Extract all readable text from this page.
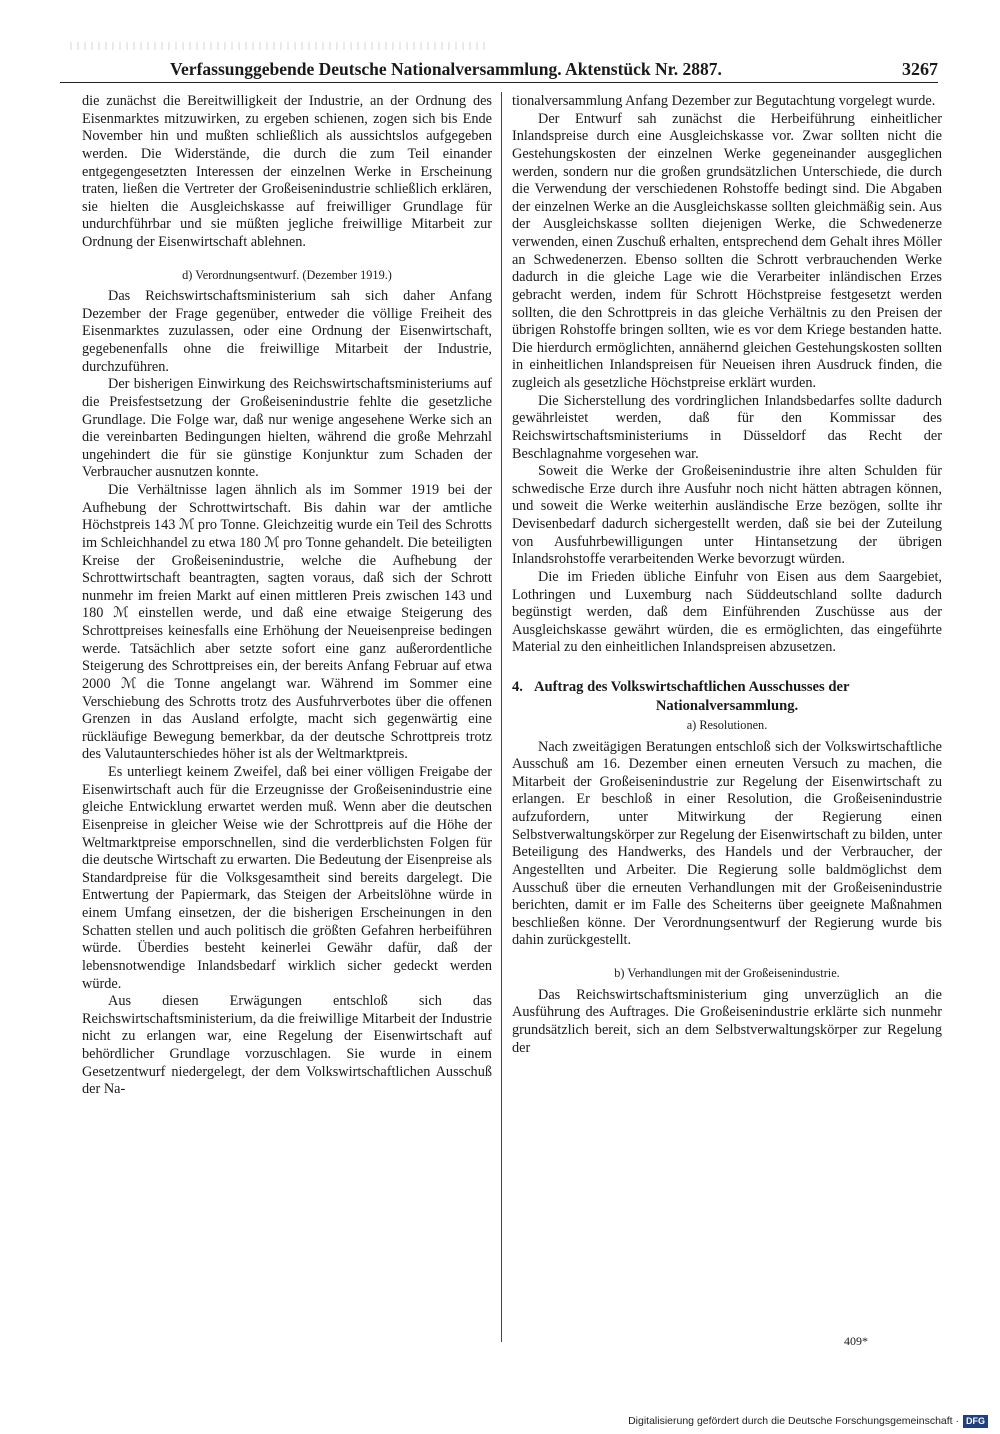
Verfassunggebende Deutsche Nationalversammlung. Aktenstück Nr. 2887.	3267

die zunächst die Bereitwilligkeit der Industrie, an der Ordnung des Eisenmarktes mitzuwirken, zu ergeben schienen, zogen sich bis Ende November hin und mußten schließlich als aussichtslos aufgegeben werden. Die Widerstände, die durch die zum Teil einander entgegengesetzten Interessen der einzelnen Werke in Erscheinung traten, ließen die Vertreter der Großeisenindustrie schließlich erklären, sie hielten die Ausgleichskasse auf freiwilliger Grundlage für undurchführbar und sie müßten jegliche freiwillige Mitarbeit zur Ordnung der Eisenwirtschaft ablehnen.

d) Verordnungsentwurf. (Dezember 1919.)

Das Reichswirtschaftsministerium sah sich daher Anfang Dezember der Frage gegenüber, entweder die völlige Freiheit des Eisenmarktes zuzulassen, oder eine Ordnung der Eisenwirtschaft, gegebenenfalls ohne die freiwillige Mitarbeit der Industrie, durchzuführen.

Der bisherigen Einwirkung des Reichswirtschaftsministeriums auf die Preisfestsetzung der Großeisenindustrie fehlte die gesetzliche Grundlage. Die Folge war, daß nur wenige angesehene Werke sich an die vereinbarten Bedingungen hielten, während die große Mehrzahl ungehindert die für sie günstige Konjunktur zum Schaden der Verbraucher ausnutzen konnte.

Die Verhältnisse lagen ähnlich als im Sommer 1919 bei der Aufhebung der Schrottwirtschaft. Bis dahin war der amtliche Höchstpreis 143 ℳ pro Tonne. Gleichzeitig wurde ein Teil des Schrotts im Schleichhandel zu etwa 180 ℳ pro Tonne gehandelt. Die beteiligten Kreise der Großeisenindustrie, welche die Aufhebung der Schrottwirtschaft beantragten, sagten voraus, daß sich der Schrott nunmehr im freien Markt auf einen mittleren Preis zwischen 143 und 180 ℳ einstellen werde, und daß eine etwaige Steigerung des Schrottpreises keinesfalls eine Erhöhung der Neueisenpreise bedingen werde. Tatsächlich aber setzte sofort eine ganz außerordentliche Steigerung des Schrottpreises ein, der bereits Anfang Februar auf etwa 2000 ℳ die Tonne angelangt war. Während im Sommer eine Verschiebung des Schrotts trotz des Ausfuhrverbotes über die offenen Grenzen in das Ausland erfolgte, macht sich gegenwärtig eine rückläufige Bewegung bemerkbar, da der deutsche Schrottpreis trotz des Valutaunterschiedes höher ist als der Weltmarktpreis.

Es unterliegt keinem Zweifel, daß bei einer völligen Freigabe der Eisenwirtschaft auch für die Erzeugnisse der Großeisenindustrie eine gleiche Entwicklung erwartet werden muß. Wenn aber die deutschen Eisenpreise in gleicher Weise wie der Schrottpreis auf die Höhe der Weltmarktpreise emporschnellen, sind die verderblichsten Folgen für die deutsche Wirtschaft zu erwarten. Die Bedeutung der Eisenpreise als Standardpreise für die Volksgesamtheit sind bereits dargelegt. Die Entwertung der Papiermark, das Steigen der Arbeitslöhne würde in einem Umfang einsetzen, der die bisherigen Erscheinungen in den Schatten stellen und auch politisch die größten Gefahren herbeiführen würde. Überdies besteht keinerlei Gewähr dafür, daß der lebensnotwendige Inlandsbedarf wirklich sicher gedeckt werden würde.

Aus diesen Erwägungen entschloß sich das Reichswirtschaftsministerium, da die freiwillige Mitarbeit der Industrie nicht zu erlangen war, eine Regelung der Eisenwirtschaft auf behördlicher Grundlage vorzuschlagen. Sie wurde in einem Gesetzentwurf niedergelegt, der dem Volkswirtschaftlichen Ausschuß der Na-

tionalversammlung Anfang Dezember zur Begutachtung vorgelegt wurde.

Der Entwurf sah zunächst die Herbeiführung einheitlicher Inlandspreise durch eine Ausgleichskasse vor. Zwar sollten nicht die Gestehungskosten der einzelnen Werke gegeneinander ausgeglichen werden, sondern nur die großen grundsätzlichen Unterschiede, die durch die Verwendung der verschiedenen Rohstoffe bedingt sind. Die Abgaben der einzelnen Werke an die Ausgleichskasse sollten gleichmäßig sein. Aus der Ausgleichskasse sollten diejenigen Werke, die Schwedenerze verwenden, einen Zuschuß erhalten, entsprechend dem Gehalt ihres Möller an Schwedenerzen. Ebenso sollten die Schrott verbrauchenden Werke dadurch in die gleiche Lage wie die Verarbeiter inländischen Erzes gebracht werden, indem für Schrott Höchstpreise festgesetzt werden sollten, die den Schrottpreis in das gleiche Verhältnis zu den Preisen der übrigen Rohstoffe bringen sollten, wie es vor dem Kriege bestanden hatte. Die hierdurch ermöglichten, annähernd gleichen Gestehungskosten sollten in einheitlichen Inlandspreisen für Neueisen ihren Ausdruck finden, die zugleich als gesetzliche Höchstpreise erklärt wurden.

Die Sicherstellung des vordringlichen Inlandsbedarfes sollte dadurch gewährleistet werden, daß für den Kommissar des Reichswirtschaftsministeriums in Düsseldorf das Recht der Beschlagnahme vorgesehen war.

Soweit die Werke der Großeisenindustrie ihre alten Schulden für schwedische Erze durch ihre Ausfuhr noch nicht hätten abtragen können, und soweit die Werke weiterhin ausländische Erze bezögen, sollte ihr Devisenbedarf dadurch sichergestellt werden, daß sie bei der Zuteilung von Ausfuhrbewilligungen unter Hintansetzung der übrigen Inlandsrohstoffe verarbeitenden Werke bevorzugt würden.

Die im Frieden übliche Einfuhr von Eisen aus dem Saargebiet, Lothringen und Luxemburg nach Süddeutschland sollte dadurch begünstigt werden, daß dem Einführenden Zuschüsse aus der Ausgleichskasse gewährt würden, die es ermöglichten, das eingeführte Material zu den einheitlichen Inlandspreisen abzusetzen.

4. Auftrag des Volkswirtschaftlichen Ausschusses der
Nationalversammlung.
a) Resolutionen.

Nach zweitägigen Beratungen entschloß sich der Volkswirtschaftliche Ausschuß am 16. Dezember einen erneuten Versuch zu machen, die Mitarbeit der Großeisenindustrie zur Regelung der Eisenwirtschaft zu erlangen. Er beschloß in einer Resolution, die Großeisenindustrie aufzufordern, unter Mitwirkung der Regierung einen Selbstverwaltungskörper zur Regelung der Eisenwirtschaft zu bilden, unter Beteiligung des Handwerks, des Handels und der Verbraucher, der Angestellten und Arbeiter. Die Regierung solle baldmöglichst dem Ausschuß über die erneuten Verhandlungen mit der Großeisenindustrie berichten, damit er im Falle des Scheiterns über geeignete Maßnahmen beschließen könne. Der Verordnungsentwurf der Regierung wurde bis dahin zurückgestellt.

b) Verhandlungen mit der Großeisenindustrie.

Das Reichswirtschaftsministerium ging unverzüglich an die Ausführung des Auftrages. Die Großeisenindustrie erklärte sich nunmehr grundsätzlich bereit, sich an dem Selbstverwaltungskörper zur Regelung der

409*
Digitalisierung gefördert durch die Deutsche Forschungsgemeinschaft · DFG
